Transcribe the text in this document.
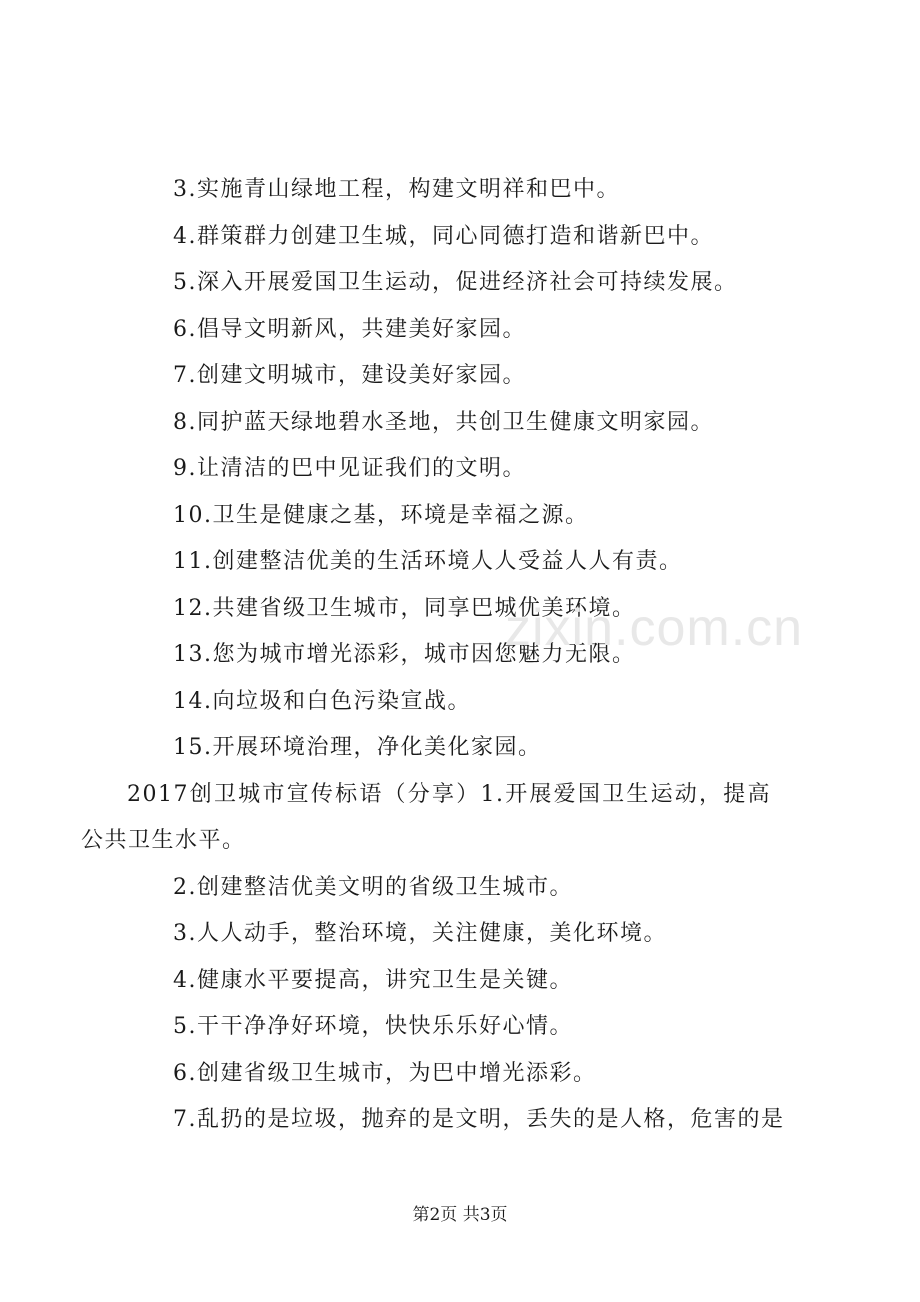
3.实施青山绿地工程，构建文明祥和巴中。
4.群策群力创建卫生城，同心同德打造和谐新巴中。
5.深入开展爱国卫生运动，促进经济社会可持续发展。
6.倡导文明新风，共建美好家园。
7.创建文明城市，建设美好家园。
8.同护蓝天绿地碧水圣地，共创卫生健康文明家园。
9.让清洁的巴中见证我们的文明。
10.卫生是健康之基，环境是幸福之源。
11.创建整洁优美的生活环境人人受益人人有责。
12.共建省级卫生城市，同享巴城优美环境。
13.您为城市增光添彩，城市因您魅力无限。
14.向垃圾和白色污染宣战。
15.开展环境治理，净化美化家园。
2017创卫城市宣传标语（分享）1.开展爱国卫生运动，提高公共卫生水平。
2.创建整洁优美文明的省级卫生城市。
3.人人动手，整治环境，关注健康，美化环境。
4.健康水平要提高，讲究卫生是关键。
5.干干净净好环境，快快乐乐好心情。
6.创建省级卫生城市，为巴中增光添彩。
7.乱扔的是垃圾，抛弃的是文明，丢失的是人格，危害的是
zixin.com.cn
第2页 共3页
